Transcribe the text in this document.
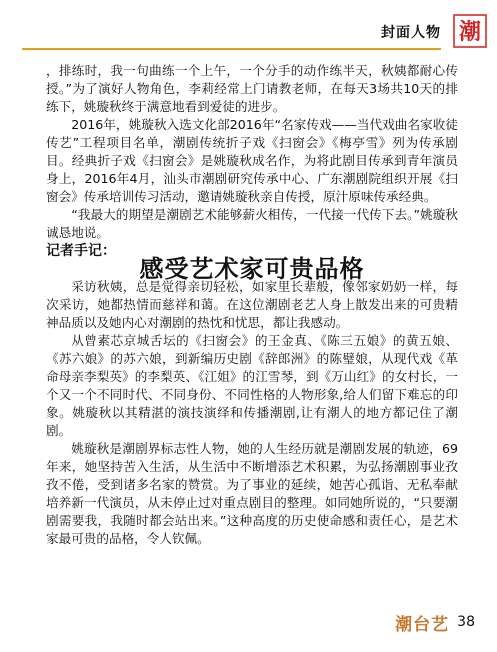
封面人物 潮

，排练时，我一句曲练一个上午，一个分手的动作练半天，秋姨都耐心传授。”为了演好人物角色，李莉经常上门请教老师，在每天3场共10天的排练下，姚璇秋终于满意地看到爱徒的进步。

2016年，姚璇秋入选文化部2016年“名家传戏——当代戏曲名家收徒传艺”工程项目名单，潮剧传统折子戏《扫窗会》《梅亭雪》列为传承剧目。经典折子戏《扫窗会》是姚璇秋成名作，为将此剧目传承到青年演员身上，2016年4月，汕头市潮剧研究传承中心、广东潮剧院组织开展《扫窗会》传承培训传习活动，邀请姚璇秋亲自传授，原汁原味传承经典。

“我最大的期望是潮剧艺术能够薪火相传，一代接一代传下去。”姚璇秋诚恳地说。

记者手记：

感受艺术家可贵品格

采访秋姨，总是觉得亲切轻松，如家里长辈般，像邻家奶奶一样，每次采访，她都热情而慈祥和蔼。在这位潮剧老艺人身上散发出来的可贵精神品质以及她内心对潮剧的热忱和忧思，都让我感动。

从曾素芯京城舌坛的《扫窗会》的王金真、《陈三五娘》的黄五娘、《苏六娘》的苏六娘，到新编历史剧《辞郎洲》的陈璧娘，从现代戏《革命母亲李梨英》的李梨英、《江姐》的江雪琴，到《万山红》的女村长，一个又一个不同时代、不同身份、不同性格的人物形象,给人们留下难忘的印象。姚璇秋以其精湛的演技演绎和传播潮剧,让有潮人的地方都记住了潮剧。

姚璇秋是潮剧界标志性人物，她的人生经历就是潮剧发展的轨迹，69年来，她坚持苦入生活，从生活中不断增添艺术积累，为弘扬潮剧事业孜孜不倦，受到诸多名家的赞赏。为了事业的延续，她苦心孤诣、无私奉献培养新一代演员，从未停止过对重点剧目的整理。如同她所说的，“只要潮剧需要我，我随时都会站出来。”这种高度的历史使命感和责任心，是艺术家最可贵的品格，令人钦佩。

潮台艺 38
